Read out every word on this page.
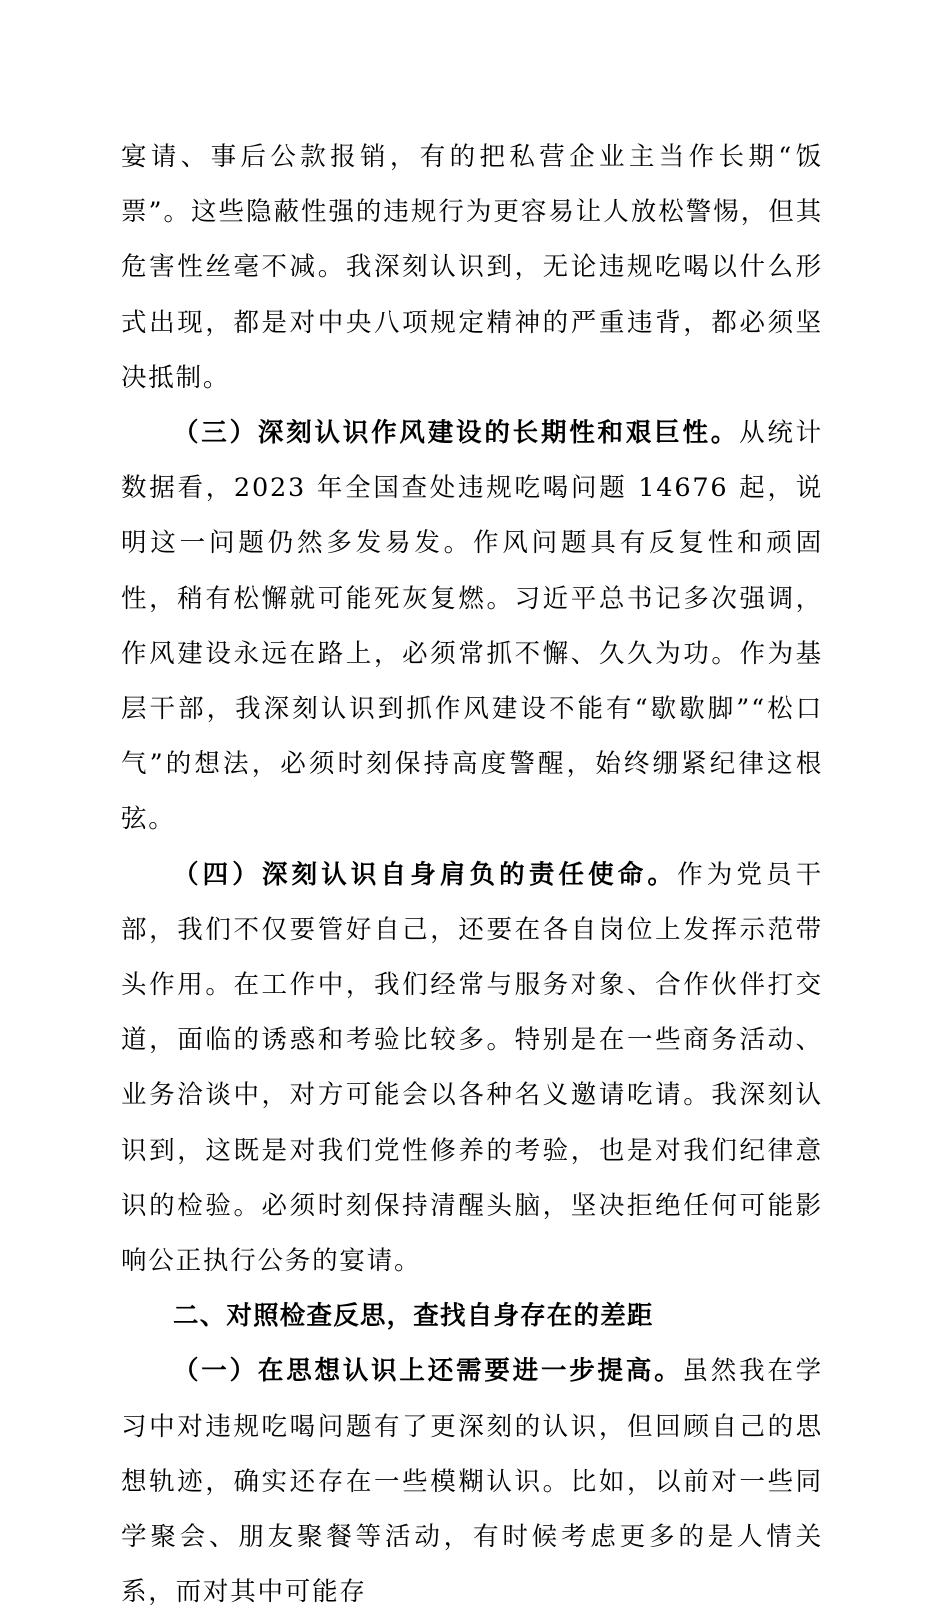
宴请、事后公款报销，有的把私营企业主当作长期“饭票”。这些隐蔽性强的违规行为更容易让人放松警惕，但其危害性丝毫不减。我深刻认识到，无论违规吃喝以什么形式出现，都是对中央八项规定精神的严重违背，都必须坚决抵制。

（三）深刻认识作风建设的长期性和艰巨性。从统计数据看，2023 年全国查处违规吃喝问题 14676 起，说明这一问题仍然多发易发。作风问题具有反复性和顽固性，稍有松懈就可能死灰复燃。习近平总书记多次强调，作风建设永远在路上，必须常抓不懈、久久为功。作为基层干部，我深刻认识到抓作风建设不能有“歇歇脚”“松口气”的想法，必须时刻保持高度警醒，始终绷紧纪律这根弦。

（四）深刻认识自身肩负的责任使命。作为党员干部，我们不仅要管好自己，还要在各自岗位上发挥示范带头作用。在工作中，我们经常与服务对象、合作伙伴打交道，面临的诱惑和考验比较多。特别是在一些商务活动、业务洽谈中，对方可能会以各种名义邀请吃请。我深刻认识到，这既是对我们党性修养的考验，也是对我们纪律意识的检验。必须时刻保持清醒头脑，坚决拒绝任何可能影响公正执行公务的宴请。

二、对照检查反思，查找自身存在的差距

（一）在思想认识上还需要进一步提高。虽然我在学习中对违规吃喝问题有了更深刻的认识，但回顾自己的思想轨迹，确实还存在一些模糊认识。比如，以前对一些同学聚会、朋友聚餐等活动，有时候考虑更多的是人情关系，而对其中可能存
